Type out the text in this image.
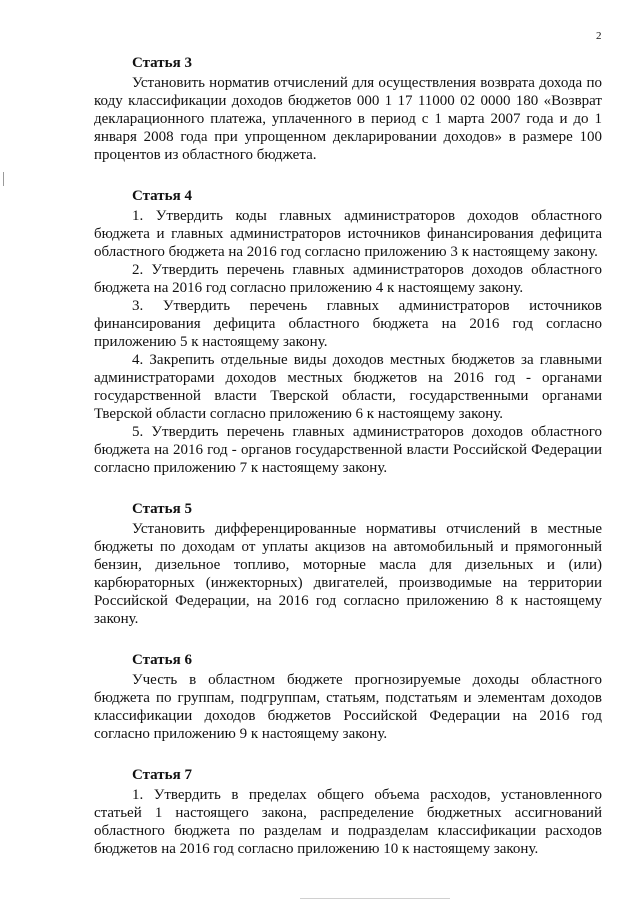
2
Статья 3

Установить норматив отчислений для осуществления возврата дохода по коду классификации доходов бюджетов 000 1 17 11000 02 0000 180 «Возврат декларационного платежа, уплаченного в период с 1 марта 2007 года и до 1 января 2008 года при упрощенном декларировании доходов» в размере 100 процентов из областного бюджета.

Статья 4

1. Утвердить коды главных администраторов доходов областного бюджета и главных администраторов источников финансирования дефицита областного бюджета на 2016 год согласно приложению 3 к настоящему закону.

2. Утвердить перечень главных администраторов доходов областного бюджета на 2016 год согласно приложению 4 к настоящему закону.

3. Утвердить перечень главных администраторов источников финансирования дефицита областного бюджета на 2016 год согласно приложению 5 к настоящему закону.

4. Закрепить отдельные виды доходов местных бюджетов за главными администраторами доходов местных бюджетов на 2016 год - органами государственной власти Тверской области, государственными органами Тверской области согласно приложению 6 к настоящему закону.

5. Утвердить перечень главных администраторов доходов областного бюджета на 2016 год - органов государственной власти Российской Федерации согласно приложению 7 к настоящему закону.

Статья 5

Установить дифференцированные нормативы отчислений в местные бюджеты по доходам от уплаты акцизов на автомобильный и прямогонный бензин, дизельное топливо, моторные масла для дизельных и (или) карбюраторных (инжекторных) двигателей, производимые на территории Российской Федерации, на 2016 год согласно приложению 8 к настоящему закону.

Статья 6

Учесть в областном бюджете прогнозируемые доходы областного бюджета по группам, подгруппам, статьям, подстатьям и элементам доходов классификации доходов бюджетов Российской Федерации на 2016 год согласно приложению 9 к настоящему закону.

Статья 7

1. Утвердить в пределах общего объема расходов, установленного статьей 1 настоящего закона, распределение бюджетных ассигнований областного бюджета по разделам и подразделам классификации расходов бюджетов на 2016 год согласно приложению 10 к настоящему закону.
